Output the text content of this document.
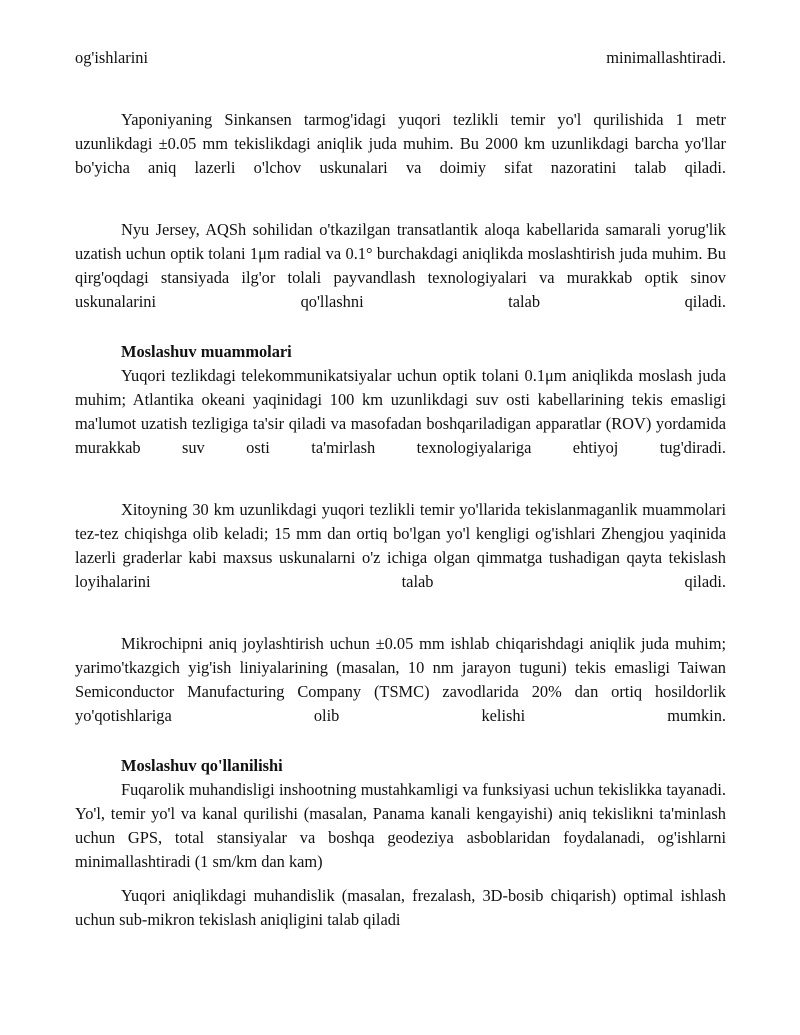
og'ishlarini minimallashtiradi.

Yaponiyaning Sinkansen tarmog'idagi yuqori tezlikli temir yo'l qurilishida 1 metr uzunlikdagi ±0.05 mm tekislikdagi aniqlik juda muhim. Bu 2000 km uzunlikdagi barcha yo'llar bo'yicha aniq lazerli o'lchov uskunalari va doimiy sifat nazoratini talab qiladi.

Nyu Jersey, AQSh sohilidan o'tkazilgan transatlantik aloqa kabellarida samarali yorug'lik uzatish uchun optik tolani 1μm radial va 0.1° burchakdagi aniqlikda moslashtirish juda muhim. Bu qirg'oqdagi stansiyada ilg'or tolali payvandlash texnologiyalari va murakkab optik sinov uskunalarini qo'llashni talab qiladi.

Moslashuv muammolari

Yuqori tezlikdagi telekommunikatsiyalar uchun optik tolani 0.1μm aniqlikda moslash juda muhim; Atlantika okeani yaqinidagi 100 km uzunlikdagi suv osti kabellarining tekis emasligi ma'lumot uzatish tezligiga ta'sir qiladi va masofadan boshqariladigan apparatlar (ROV) yordamida murakkab suv osti ta'mirlash texnologiyalariga ehtiyoj tug'diradi.

Xitoyning 30 km uzunlikdagi yuqori tezlikli temir yo'llarida tekislanmaganlik muammolari tez-tez chiqishga olib keladi; 15 mm dan ortiq bo'lgan yo'l kengligi og'ishlari Zhengjou yaqinida lazerli graderlar kabi maxsus uskunalarni o'z ichiga olgan qimmatga tushadigan qayta tekislash loyihalarini talab qiladi.

Mikrochipni aniq joylashtirish uchun ±0.05 mm ishlab chiqarishdagi aniqlik juda muhim; yarimo'tkazgich yig'ish liniyalarining (masalan, 10 nm jarayon tuguni) tekis emasligi Taiwan Semiconductor Manufacturing Company (TSMC) zavodlarida 20% dan ortiq hosildorlik yo'qotishlariga olib kelishi mumkin.

Moslashuv qo'llanilishi

Fuqarolik muhandisligi inshootning mustahkamligi va funksiyasi uchun tekislikka tayanadi. Yo'l, temir yo'l va kanal qurilishi (masalan, Panama kanali kengayishi) aniq tekislikni ta'minlash uchun GPS, total stansiyalar va boshqa geodeziya asboblaridan foydalanadi, og'ishlarni minimallashtiradi (1 sm/km dan kam)

Yuqori aniqlikdagi muhandislik (masalan, frezalash, 3D-bosib chiqarish) optimal ishlash uchun sub-mikron tekislash aniqligini talab qiladi
